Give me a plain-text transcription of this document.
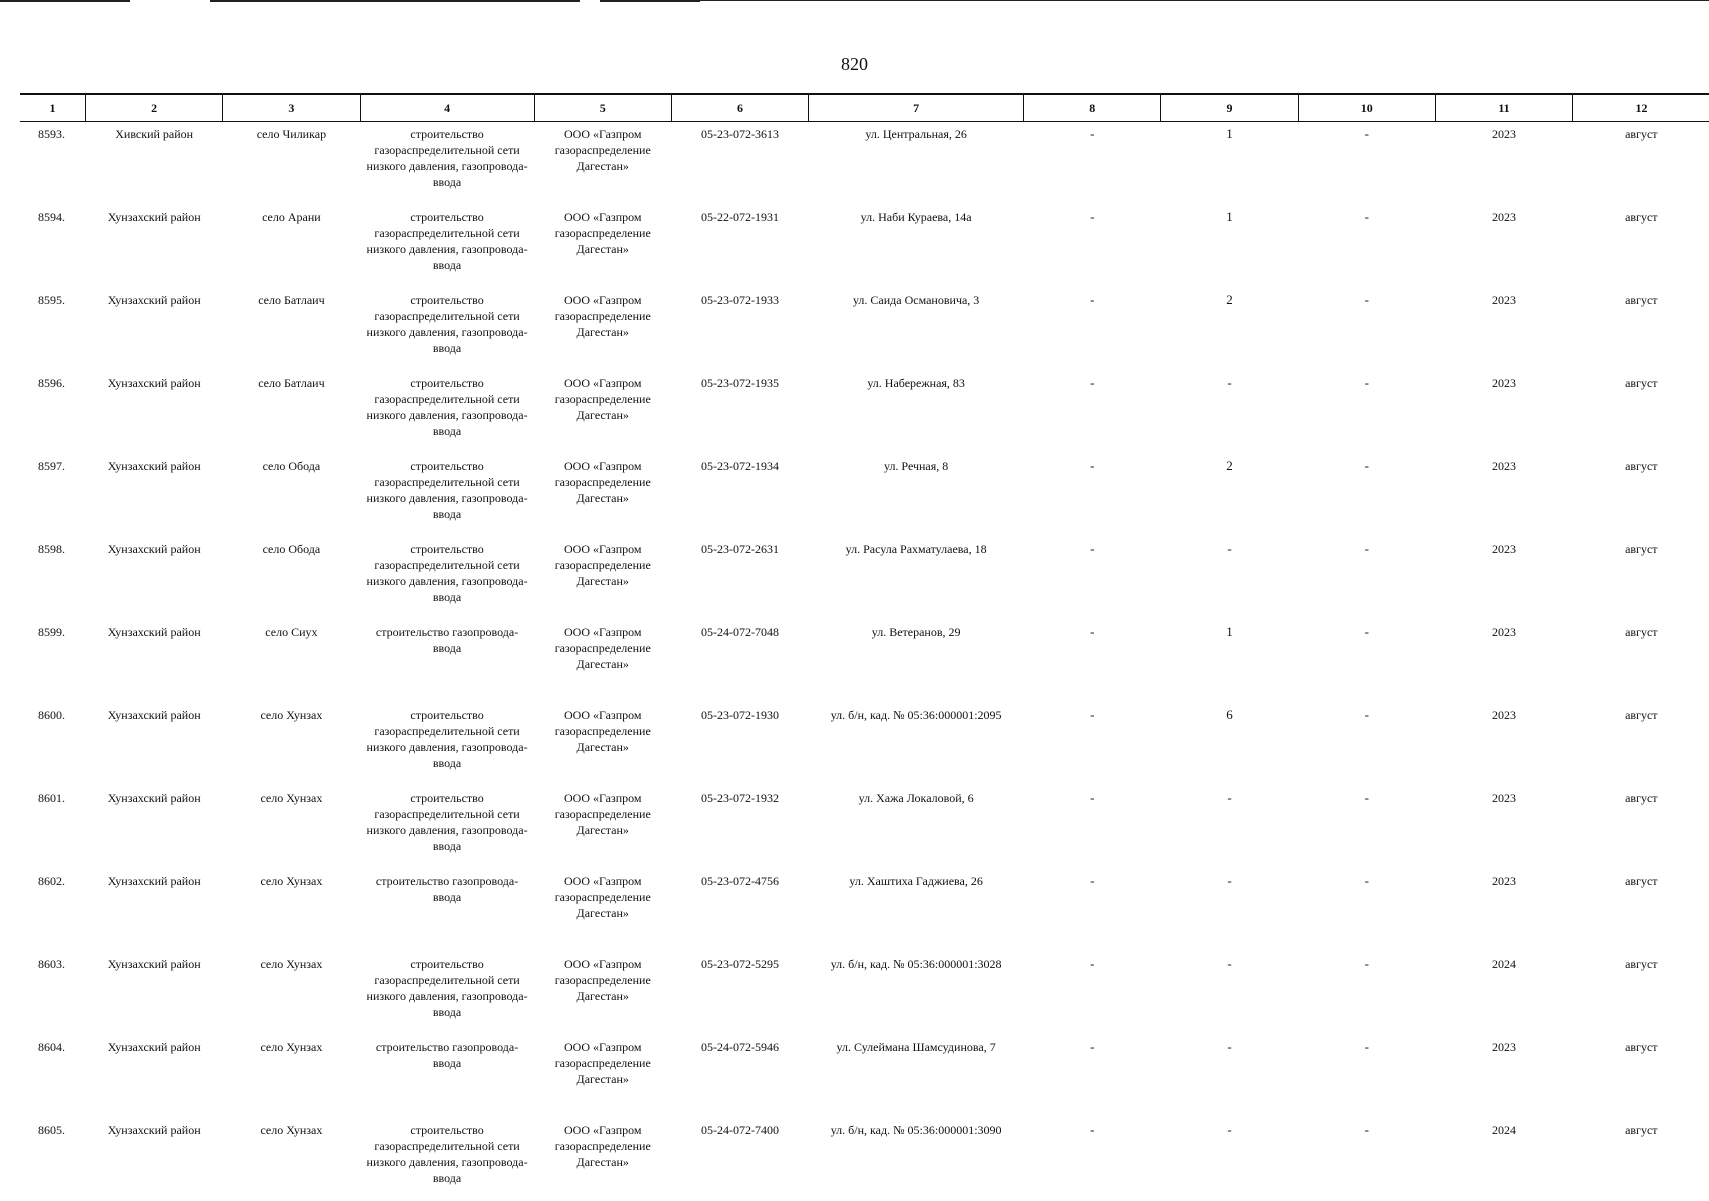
820
1	2	3	4	5	6	7	8	9	10	11	12
8593.	Хивский район	село Чиликар	строительство газораспределительной сети низкого давления, газопровода-ввода	ООО «Газпром газораспределение Дагестан»	05-23-072-3613	ул. Центральная, 26	-	1	-	2023	август
8594.	Хунзахский район	село Арани	строительство газораспределительной сети низкого давления, газопровода-ввода	ООО «Газпром газораспределение Дагестан»	05-22-072-1931	ул. Наби Кураева, 14а	-	1	-	2023	август
8595.	Хунзахский район	село Батлаич	строительство газораспределительной сети низкого давления, газопровода-ввода	ООО «Газпром газораспределение Дагестан»	05-23-072-1933	ул. Саида Османовича, 3	-	2	-	2023	август
8596.	Хунзахский район	село Батлаич	строительство газораспределительной сети низкого давления, газопровода-ввода	ООО «Газпром газораспределение Дагестан»	05-23-072-1935	ул. Набережная, 83	-	-	-	2023	август
8597.	Хунзахский район	село Обода	строительство газораспределительной сети низкого давления, газопровода-ввода	ООО «Газпром газораспределение Дагестан»	05-23-072-1934	ул. Речная, 8	-	2	-	2023	август
8598.	Хунзахский район	село Обода	строительство газораспределительной сети низкого давления, газопровода-ввода	ООО «Газпром газораспределение Дагестан»	05-23-072-2631	ул. Расула Рахматулаева, 18	-	-	-	2023	август
8599.	Хунзахский район	село Сиух	строительство газопровода-ввода	ООО «Газпром газораспределение Дагестан»	05-24-072-7048	ул. Ветеранов, 29	-	1	-	2023	август
8600.	Хунзахский район	село Хунзах	строительство газораспределительной сети низкого давления, газопровода-ввода	ООО «Газпром газораспределение Дагестан»	05-23-072-1930	ул. б/н, кад. № 05:36:000001:2095	-	6	-	2023	август
8601.	Хунзахский район	село Хунзах	строительство газораспределительной сети низкого давления, газопровода-ввода	ООО «Газпром газораспределение Дагестан»	05-23-072-1932	ул. Хажа Локаловой, 6	-	-	-	2023	август
8602.	Хунзахский район	село Хунзах	строительство газопровода-ввода	ООО «Газпром газораспределение Дагестан»	05-23-072-4756	ул. Хаштиха Гаджиева, 26	-	-	-	2023	август
8603.	Хунзахский район	село Хунзах	строительство газораспределительной сети низкого давления, газопровода-ввода	ООО «Газпром газораспределение Дагестан»	05-23-072-5295	ул. б/н, кад. № 05:36:000001:3028	-	-	-	2024	август
8604.	Хунзахский район	село Хунзах	строительство газопровода-ввода	ООО «Газпром газораспределение Дагестан»	05-24-072-5946	ул. Сулеймана Шамсудинова, 7	-	-	-	2023	август
8605.	Хунзахский район	село Хунзах	строительство газораспределительной сети низкого давления, газопровода-ввода	ООО «Газпром газораспределение Дагестан»	05-24-072-7400	ул. б/н, кад. № 05:36:000001:3090	-	-	-	2024	август
